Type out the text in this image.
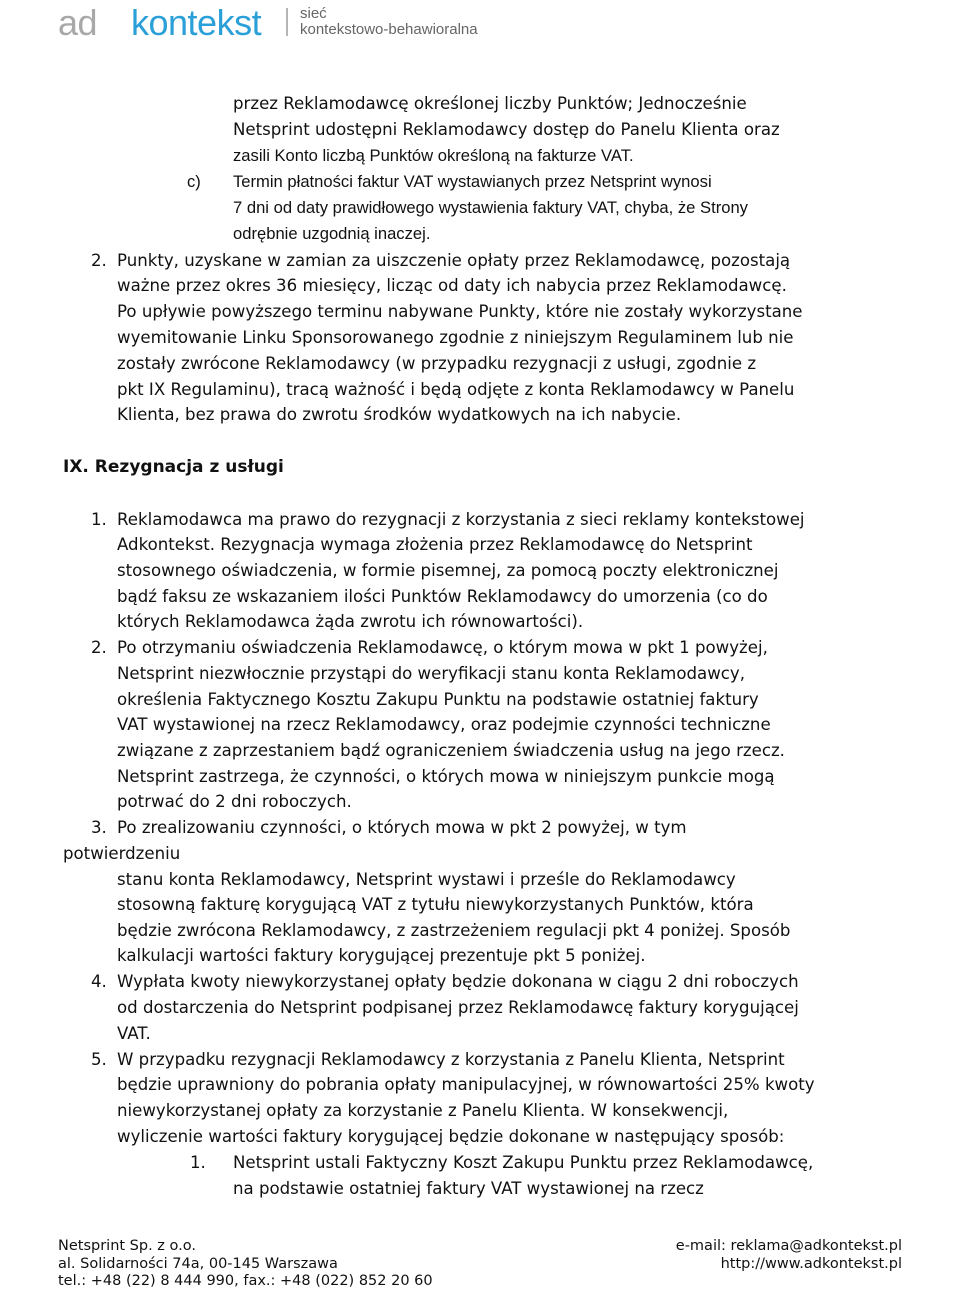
ad kontekst	sieć
kontekstowo-behawioralna
przez Reklamodawcę określonej liczby Punktów; Jednocześnie
Netsprint udostępni Reklamodawcy dostęp do Panelu Klienta oraz
zasili Konto liczbą Punktów określoną na fakturze VAT.
c) Termin płatności faktur VAT wystawianych przez Netsprint wynosi
7 dni od daty prawidłowego wystawienia faktury VAT, chyba, że Strony
odrębnie uzgodnią inaczej.
2. Punkty, uzyskane w zamian za uiszczenie opłaty przez Reklamodawcę, pozostają
ważne przez okres 36 miesięcy, licząc od daty ich nabycia przez Reklamodawcę.
Po upływie powyższego terminu nabywane Punkty, które nie zostały wykorzystane
wyemitowanie Linku Sponsorowanego zgodnie z niniejszym Regulaminem lub nie
zostały zwrócone Reklamodawcy (w przypadku rezygnacji z usługi, zgodnie z
pkt IX Regulaminu), tracą ważność i będą odjęte z konta Reklamodawcy w Panelu
Klienta, bez prawa do zwrotu środków wydatkowych na ich nabycie.
IX. Rezygnacja z usługi
1. Reklamodawca ma prawo do rezygnacji z korzystania z sieci reklamy kontekstowej
Adkontekst. Rezygnacja wymaga złożenia przez Reklamodawcę do Netsprint
stosownego oświadczenia, w formie pisemnej, za pomocą poczty elektronicznej
bądź faksu ze wskazaniem ilości Punktów Reklamodawcy do umorzenia (co do
których Reklamodawca żąda zwrotu ich równowartości).
2. Po otrzymaniu oświadczenia Reklamodawcę, o którym mowa w pkt 1 powyżej,
Netsprint niezwłocznie przystąpi do weryfikacji stanu konta Reklamodawcy,
określenia Faktycznego Kosztu Zakupu Punktu na podstawie ostatniej faktury
VAT wystawionej na rzecz Reklamodawcy, oraz podejmie czynności techniczne
związane z zaprzestaniem bądź ograniczeniem świadczenia usług na jego rzecz.
Netsprint zastrzega, że czynności, o których mowa w niniejszym punkcie mogą
potrwać do 2 dni roboczych.
3. Po zrealizowaniu czynności, o których mowa w pkt 2 powyżej, w tym
potwierdzeniu
stanu konta Reklamodawcy, Netsprint wystawi i prześle do Reklamodawcy
stosowną fakturę korygującą VAT z tytułu niewykorzystanych Punktów, która
będzie zwrócona Reklamodawcy, z zastrzeżeniem regulacji pkt 4 poniżej. Sposób
kalkulacji wartości faktury korygującej prezentuje pkt 5 poniżej.
4. Wypłata kwoty niewykorzystanej opłaty będzie dokonana w ciągu 2 dni roboczych
od dostarczenia do Netsprint podpisanej przez Reklamodawcę faktury korygującej
VAT.
5. W przypadku rezygnacji Reklamodawcy z korzystania z Panelu Klienta, Netsprint
będzie uprawniony do pobrania opłaty manipulacyjnej, w równowartości 25% kwoty
niewykorzystanej opłaty za korzystanie z Panelu Klienta. W konsekwencji,
wyliczenie wartości faktury korygującej będzie dokonane w następujący sposób:
1. Netsprint ustali Faktyczny Koszt Zakupu Punktu przez Reklamodawcę,
na podstawie ostatniej faktury VAT wystawionej na rzecz
Netsprint Sp. z o.o.
al. Solidarności 74a, 00-145 Warszawa
tel.: +48 (22) 8 444 990, fax.: +48 (022) 852 20 60
e-mail: reklama@adkontekst.pl
http://www.adkontekst.pl
